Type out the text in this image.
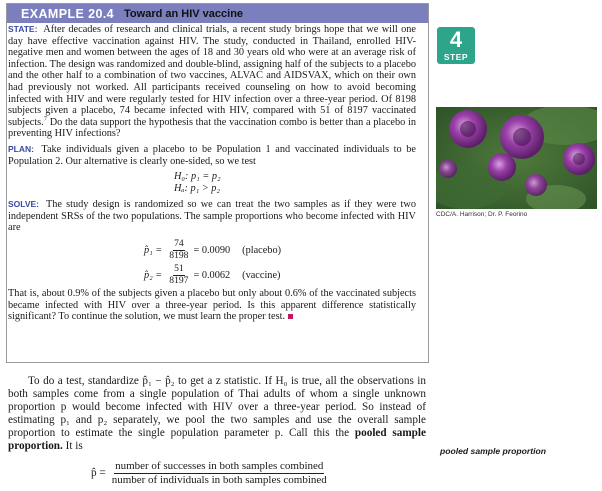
EXAMPLE 20.4 Toward an HIV vaccine

STATE: After decades of research and clinical trials, a recent study brings hope that we will one day have effective vaccination against HIV. The study, conducted in Thailand, enrolled HIV-negative men and women between the ages of 18 and 30 years old who were at an average risk of infection. The design was randomized and double-blind, assigning half of the subjects to a placebo and the other half to a combination of two vaccines, ALVAC and AIDSVAX, which on their own had previously not worked. All participants received counseling on how to avoid becoming infected with HIV and were regularly tested for HIV infection over a three-year period. Of 8198 subjects given a placebo, 74 became infected with HIV, compared with 51 of 8197 vaccinated subjects.$^7$ Do the data support the hypothesis that the vaccination combo is better than a placebo in preventing HIV infections?

PLAN: Take individuals given a placebo to be Population 1 and vaccinated individuals to be Population 2. Our alternative is clearly one-sided, so we test

H₀: p₁ = p₂
Hₐ: p₁ > p₂

SOLVE: The study design is randomized so we can treat the two samples as if they were two independent SRSs of the two populations. The sample proportions who become infected with HIV are

p̂₁ = $\frac{74}{8198} = 0.0090$ (placebo)
p̂₂ = $\frac{51}{8197} = 0.0062$ (vaccine)

That is, about 0.9% of the subjects given a placebo but only about 0.6% of the vaccinated subjects became infected with HIV over a three-year period. Is this apparent difference statistically significant? To continue the solution, we must learn the proper test.

4
STEP
CDC/A. Harrison; Dr. P. Feorino
To do a test, standardize p̂₁ − p̂₂ to get a z statistic. If H₀ is true, all the observations in both samples come from a single population of Thai adults of whom a single unknown proportion p would become infected with HIV over a three-year period. So instead of estimating p₁ and p₂ separately, we pool the two samples and use the overall sample proportion to estimate the single population parameter p. Call this the pooled sample proportion. It is	pooled sample proportion
p̂ = $\frac{\text{number of successes in both samples combined}}{\text{number of individuals in both samples combined}}$
